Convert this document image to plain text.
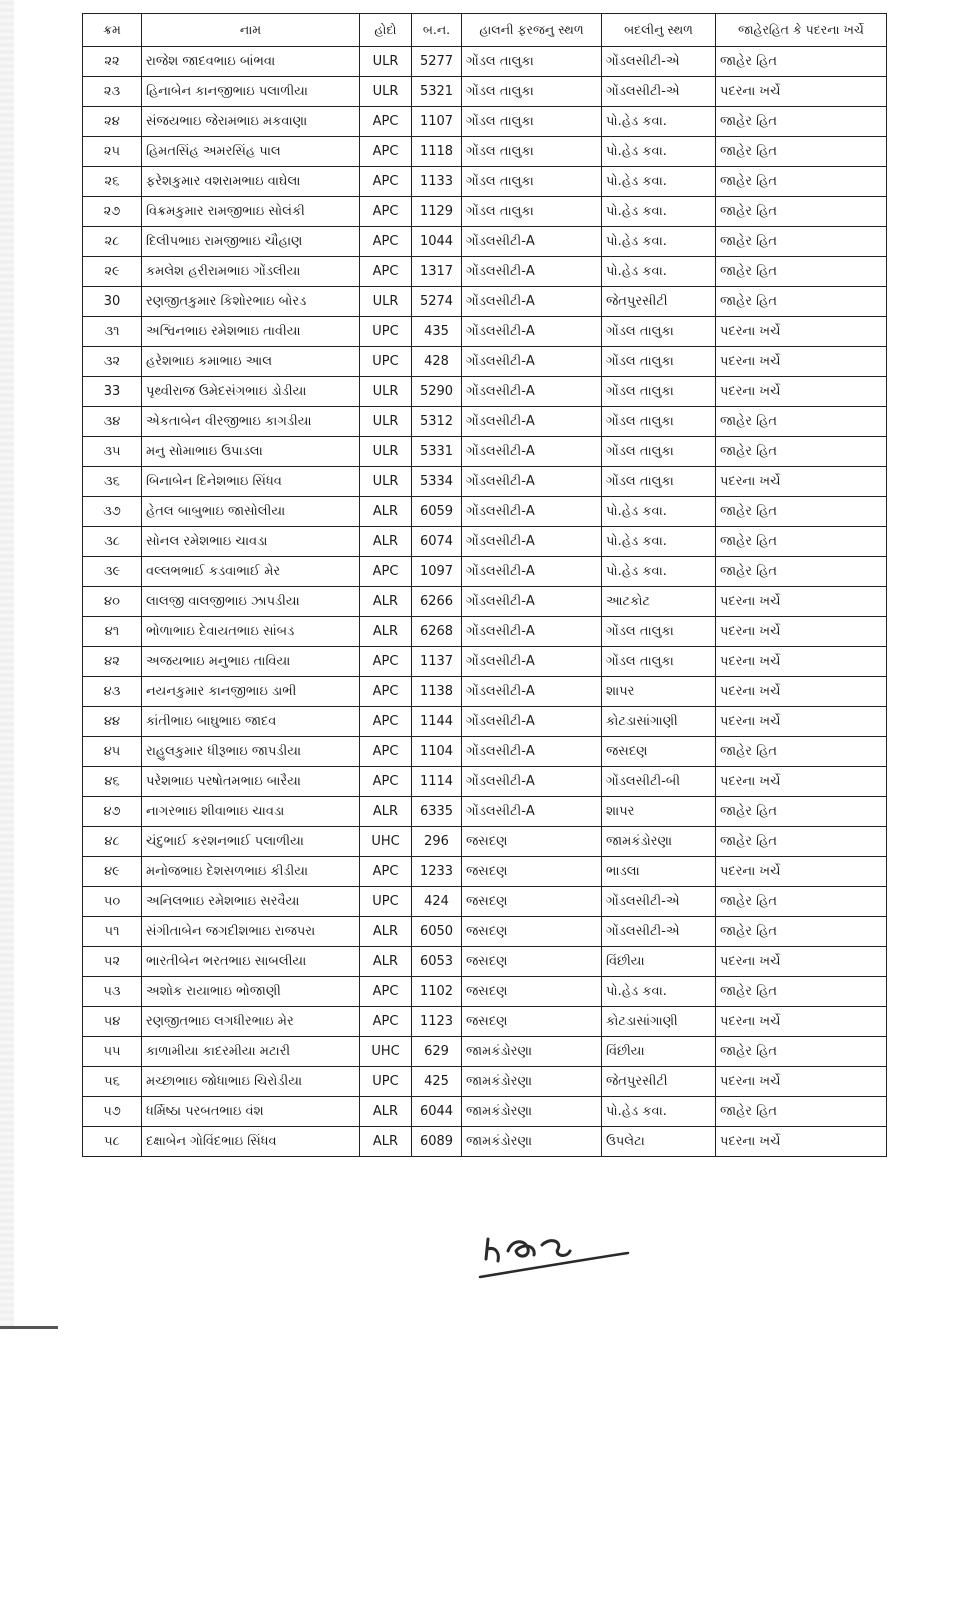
ક્રમ	નામ	હોદો	બ.ન.	હાલની ફરજનુ સ્થળ	બદલીનુ સ્થળ	જાહેરહિત કે પદરના ખર્ચે
૨૨	રાજેશ જાદવભાઇ બાંભવા	ULR	5277	ગોંડલ તાલુકા	ગોંડલસીટી-એ	જાહેર હિત
૨૩	હિનાબેન કાનજીભાઇ પલાળીયા	ULR	5321	ગોંડલ તાલુકા	ગોંડલસીટી-એ	પદરના ખર્ચે
૨૪	સંજયભાઇ જેરામભાઇ મકવાણા	APC	1107	ગોંડલ તાલુકા	પો.હેડ કવા.	જાહેર હિત
૨૫	હિમતસિંહ અમરસિંહ પાલ	APC	1118	ગોંડલ તાલુકા	પો.હેડ કવા.	જાહેર હિત
૨૬	ફરેશકુમાર વશરામભાઇ વાઘેલા	APC	1133	ગોંડલ તાલુકા	પો.હેડ કવા.	જાહેર હિત
૨૭	વિક્રમકુમાર રામજીભાઇ સોલંકી	APC	1129	ગોંડલ તાલુકા	પો.હેડ કવા.	જાહેર હિત
૨૮	દિલીપભાઇ રામજીભાઇ ચૌહાણ	APC	1044	ગોંડલસીટી-A	પો.હેડ કવા.	જાહેર હિત
૨૯	કમલેશ હરીરામભાઇ ગોંડલીયા	APC	1317	ગોંડલસીટી-A	પો.હેડ કવા.	જાહેર હિત
30	રણજીતકુમાર કિશોરભાઇ બોરડ	ULR	5274	ગોંડલસીટી-A	જેતપુરસીટી	જાહેર હિત
૩૧	અશ્વિનભાઇ રમેશભાઇ તાવીયા	UPC	435	ગોંડલસીટી-A	ગોંડલ તાલુકા	પદરના ખર્ચે
૩૨	હરેશભાઇ કમાભાઇ આલ	UPC	428	ગોંડલસીટી-A	ગોંડલ તાલુકા	પદરના ખર્ચે
33	પૃથ્વીરાજ ઉમેદસંગભાઇ ડોડીયા	ULR	5290	ગોંડલસીટી-A	ગોંડલ તાલુકા	પદરના ખર્ચે
૩૪	એકતાબેન વીરજીભાઇ કાગડીયા	ULR	5312	ગોંડલસીટી-A	ગોંડલ તાલુકા	જાહેર હિત
૩૫	મનુ સોમાભાઇ ઉપાડલા	ULR	5331	ગોંડલસીટી-A	ગોંડલ તાલુકા	જાહેર હિત
૩૬	બિનાબેન દિનેશભાઇ સિંધવ	ULR	5334	ગોંડલસીટી-A	ગોંડલ તાલુકા	પદરના ખર્ચે
૩૭	હેતલ બાબુભાઇ જાસોલીયા	ALR	6059	ગોંડલસીટી-A	પો.હેડ કવા.	જાહેર હિત
૩૮	સોનલ રમેશભાઇ ચાવડા	ALR	6074	ગોંડલસીટી-A	પો.હેડ કવા.	જાહેર હિત
૩૯	વલ્લભભાઈ કડવાભાઈ મેર	APC	1097	ગોંડલસીટી-A	પો.હેડ કવા.	જાહેર હિત
૪૦	લાલજી વાલજીભાઇ ઝાપડીયા	ALR	6266	ગોંડલસીટી-A	આટકોટ	પદરના ખર્ચે
૪૧	ભોળાભાઇ દેવાયતભાઇ સાંબડ	ALR	6268	ગોંડલસીટી-A	ગોંડલ તાલુકા	પદરના ખર્ચે
૪૨	અજયભાઇ મનુભાઇ તાવિયા	APC	1137	ગોંડલસીટી-A	ગોંડલ તાલુકા	પદરના ખર્ચે
૪૩	નયનકુમાર કાનજીભાઇ ડાભી	APC	1138	ગોંડલસીટી-A	શાપર	પદરના ખર્ચે
૪૪	કાંતીભાઇ બાઘુભાઇ જાદવ	APC	1144	ગોંડલસીટી-A	કોટડાસાંગાણી	પદરના ખર્ચે
૪૫	રાહુલકુમાર ધીરૂભાઇ જાપડીયા	APC	1104	ગોંડલસીટી-A	જસદણ	જાહેર હિત
૪૬	પરેશભાઇ પરષોતમભાઇ બારૈયા	APC	1114	ગોંડલસીટી-A	ગોંડલસીટી-બી	પદરના ખર્ચે
૪૭	નાગરભાઇ શીવાભાઇ ચાવડા	ALR	6335	ગોંડલસીટી-A	શાપર	જાહેર હિત
૪૮	ચંદુભાઈ કરશનભાઈ પલાળીયા	UHC	296	જસદણ	જામકંડોરણા	જાહેર હિત
૪૯	મનોજભાઇ દેશસળભાઇ કીડીયા	APC	1233	જસદણ	ભાડલા	પદરના ખર્ચે
૫૦	અનિલભાઇ રમેશભાઇ સરવૈયા	UPC	424	જસદણ	ગોંડલસીટી-એ	જાહેર હિત
૫૧	સંગીતાબેન જગદીશભાઇ રાજપરા	ALR	6050	જસદણ	ગોંડલસીટી-એ	જાહેર હિત
૫૨	ભારતીબેન ભરતભાઇ સાબલીયા	ALR	6053	જસદણ	વિંછીયા	પદરના ખર્ચે
૫૩	અશોક રાયાભાઇ ભોજાણી	APC	1102	જસદણ	પો.હેડ કવા.	જાહેર હિત
૫૪	રણજીતભાઇ લગધીરભાઇ મેર	APC	1123	જસદણ	કોટડાસાંગાણી	પદરના ખર્ચે
૫૫	કાળામીયા કાદરમીયા મટારી	UHC	629	જામકંડોરણા	વિંછીયા	જાહેર હિત
૫૬	મચ્છાભાઇ જોધાભાઇ ચિરોડીયા	UPC	425	જામકંડોરણા	જેતપુરસીટી	પદરના ખર્ચે
૫૭	ધર્મિષ્ઠા પરબતભાઇ વંશ	ALR	6044	જામકંડોરણા	પો.હેડ કવા.	જાહેર હિત
૫૮	દક્ષાબેન ગોવિંદભાઇ સિંધવ	ALR	6089	જામકંડોરણા	ઉપલેટા	પદરના ખર્ચે
